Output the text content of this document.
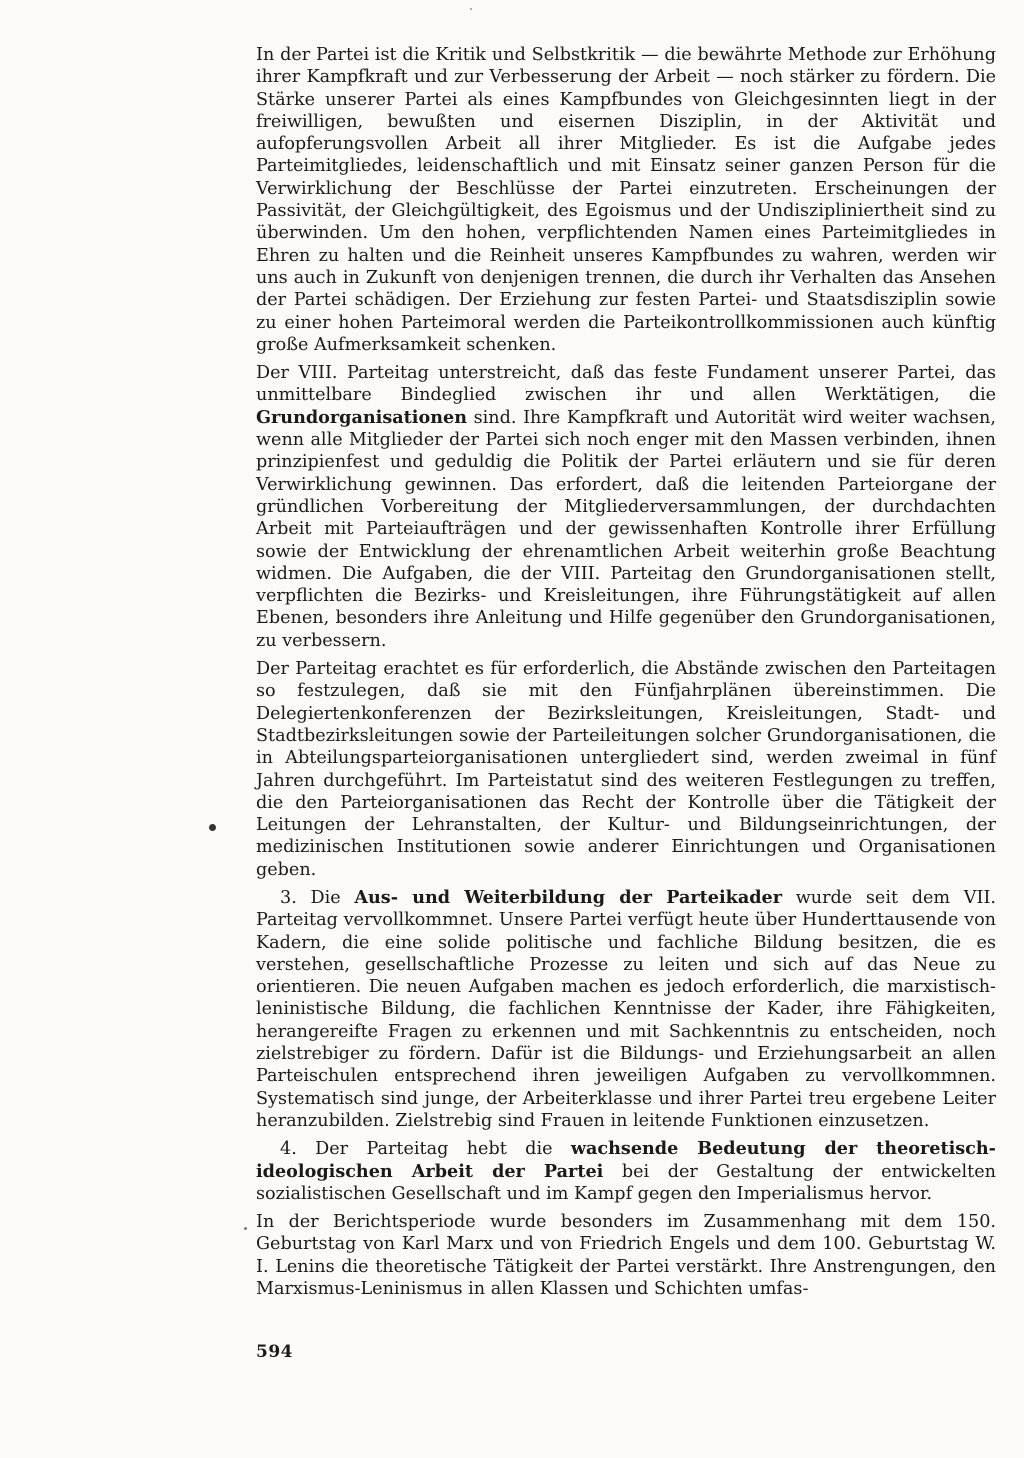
In der Partei ist die Kritik und Selbstkritik — die bewährte Methode zur Erhöhung ihrer Kampfkraft und zur Verbesserung der Arbeit — noch stärker zu fördern. Die Stärke unserer Partei als eines Kampfbundes von Gleichgesinnten liegt in der freiwilligen, bewußten und eisernen Disziplin, in der Aktivität und aufopferungsvollen Arbeit all ihrer Mitglieder. Es ist die Aufgabe jedes Parteimitgliedes, leidenschaftlich und mit Einsatz seiner ganzen Person für die Verwirklichung der Beschlüsse der Partei einzutreten. Erscheinungen der Passivität, der Gleichgültigkeit, des Egoismus und der Undiszipliniertheit sind zu überwinden. Um den hohen, verpflichtenden Namen eines Parteimitgliedes in Ehren zu halten und die Reinheit unseres Kampfbundes zu wahren, werden wir uns auch in Zukunft von denjenigen trennen, die durch ihr Verhalten das Ansehen der Partei schädigen. Der Erziehung zur festen Partei- und Staatsdisziplin sowie zu einer hohen Parteimoral werden die Parteikontrollkommissionen auch künftig große Aufmerksamkeit schenken.

Der VIII. Parteitag unterstreicht, daß das feste Fundament unserer Partei, das unmittelbare Bindeglied zwischen ihr und allen Werktätigen, die Grundorganisationen sind. Ihre Kampfkraft und Autorität wird weiter wachsen, wenn alle Mitglieder der Partei sich noch enger mit den Massen verbinden, ihnen prinzipienfest und geduldig die Politik der Partei erläutern und sie für deren Verwirklichung gewinnen. Das erfordert, daß die leitenden Parteiorgane der gründlichen Vorbereitung der Mitgliederversammlungen, der durchdachten Arbeit mit Parteiaufträgen und der gewissenhaften Kontrolle ihrer Erfüllung sowie der Entwicklung der ehrenamtlichen Arbeit weiterhin große Beachtung widmen. Die Aufgaben, die der VIII. Parteitag den Grundorganisationen stellt, verpflichten die Bezirks- und Kreisleitungen, ihre Führungstätigkeit auf allen Ebenen, besonders ihre Anleitung und Hilfe gegenüber den Grundorganisationen, zu verbessern.

Der Parteitag erachtet es für erforderlich, die Abstände zwischen den Parteitagen so festzulegen, daß sie mit den Fünfjahrplänen übereinstimmen. Die Delegiertenkonferenzen der Bezirksleitungen, Kreisleitungen, Stadt- und Stadtbezirksleitungen sowie der Parteileitungen solcher Grundorganisationen, die in Abteilungsparteiorganisationen untergliedert sind, werden zweimal in fünf Jahren durchgeführt. Im Parteistatut sind des weiteren Festlegungen zu treffen, die den Parteiorganisationen das Recht der Kontrolle über die Tätigkeit der Leitungen der Lehranstalten, der Kultur- und Bildungseinrichtungen, der medizinischen Institutionen sowie anderer Einrichtungen und Organisationen geben.

3. Die Aus- und Weiterbildung der Parteikader wurde seit dem VII. Parteitag vervollkommnet. Unsere Partei verfügt heute über Hunderttausende von Kadern, die eine solide politische und fachliche Bildung besitzen, die es verstehen, gesellschaftliche Prozesse zu leiten und sich auf das Neue zu orientieren. Die neuen Aufgaben machen es jedoch erforderlich, die marxistisch-leninistische Bildung, die fachlichen Kenntnisse der Kader, ihre Fähigkeiten, herangereifte Fragen zu erkennen und mit Sachkenntnis zu entscheiden, noch zielstrebiger zu fördern. Dafür ist die Bildungs- und Erziehungsarbeit an allen Parteischulen entsprechend ihren jeweiligen Aufgaben zu vervollkommnen. Systematisch sind junge, der Arbeiterklasse und ihrer Partei treu ergebene Leiter heranzubilden. Zielstrebig sind Frauen in leitende Funktionen einzusetzen.

4. Der Parteitag hebt die wachsende Bedeutung der theoretisch-ideologischen Arbeit der Partei bei der Gestaltung der entwickelten sozialistischen Gesellschaft und im Kampf gegen den Imperialismus hervor.

In der Berichtsperiode wurde besonders im Zusammenhang mit dem 150. Geburtstag von Karl Marx und von Friedrich Engels und dem 100. Geburtstag W. I. Lenins die theoretische Tätigkeit der Partei verstärkt. Ihre Anstrengungen, den Marxismus-Leninismus in allen Klassen und Schichten umfas-

594
